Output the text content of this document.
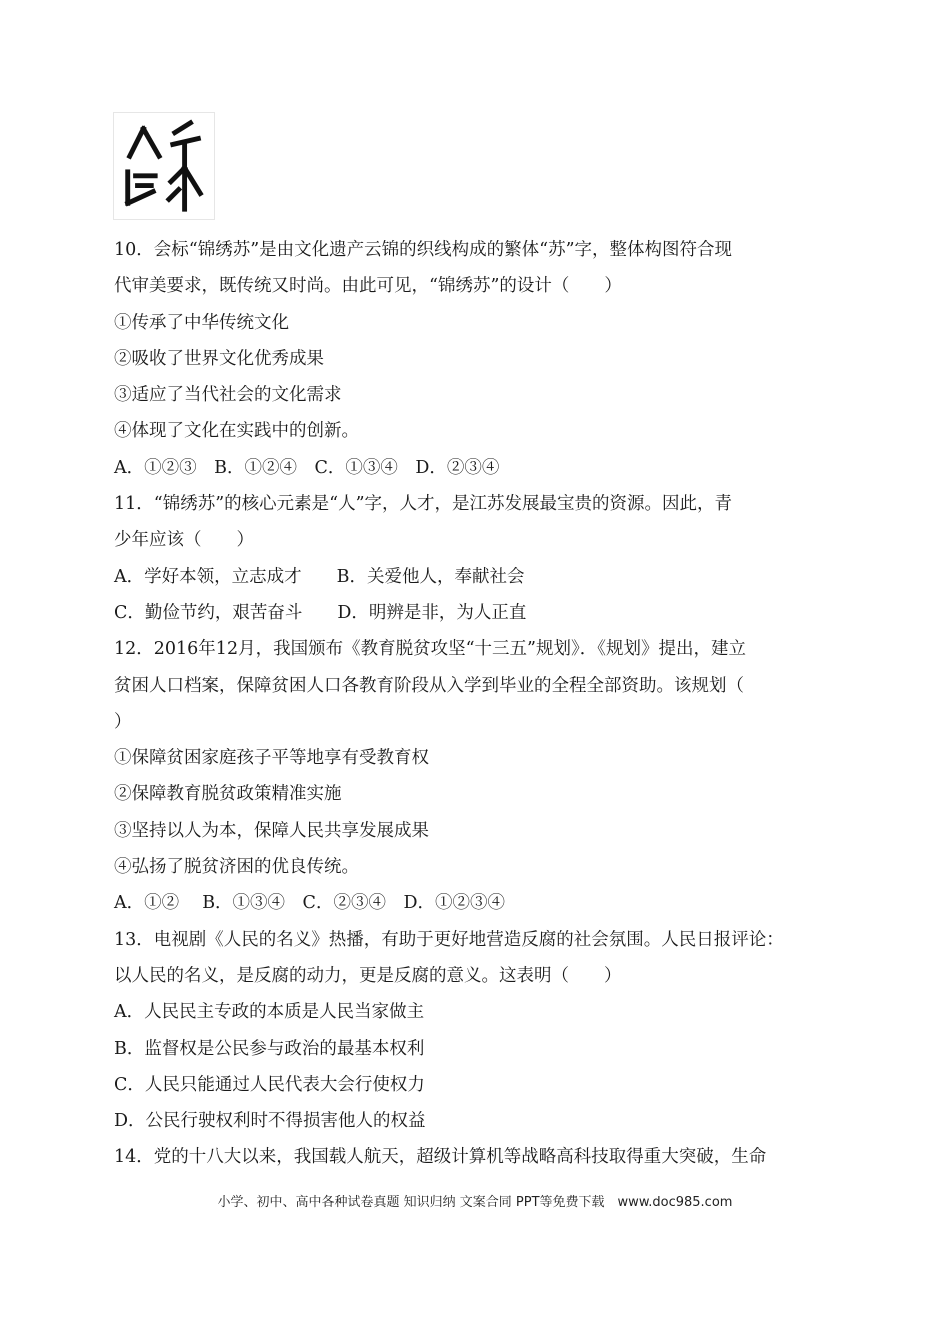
10．会标“锦绣苏”是由文化遗产云锦的织线构成的繁体“苏”字，整体构图符合现
代审美要求，既传统又时尚。由此可见，“锦绣苏”的设计（　　）
①传承了中华传统文化
②吸收了世界文化优秀成果
③适应了当代社会的文化需求
④体现了文化在实践中的创新。
A．①②③　B．①②④　C．①③④　D．②③④
11．“锦绣苏”的核心元素是“人”字，人才，是江苏发展最宝贵的资源。因此，青
少年应该（　　）
A．学好本领，立志成才　　B．关爱他人，奉献社会
C．勤俭节约，艰苦奋斗　　D．明辨是非，为人正直
12．2016年12月，我国颁布《教育脱贫攻坚“十三五”规划》．《规划》提出，建立
贫困人口档案，保障贫困人口各教育阶段从入学到毕业的全程全部资助。该规划（
）
①保障贫困家庭孩子平等地享有受教育权
②保障教育脱贫政策精准实施
③坚持以人为本，保障人民共享发展成果
④弘扬了脱贫济困的优良传统。
A．①②　 B．①③④　C．②③④　D．①②③④
13．电视剧《人民的名义》热播，有助于更好地营造反腐的社会氛围。人民日报评论：
以人民的名义，是反腐的动力，更是反腐的意义。这表明（　　）
A．人民民主专政的本质是人民当家做主
B．监督权是公民参与政治的最基本权利
C．人民只能通过人民代表大会行使权力
D．公民行驶权利时不得损害他人的权益
14．党的十八大以来，我国载人航天，超级计算机等战略高科技取得重大突破，生命
小学、初中、高中各种试卷真题 知识归纳 文案合同 PPT等免费下载　www.doc985.com
